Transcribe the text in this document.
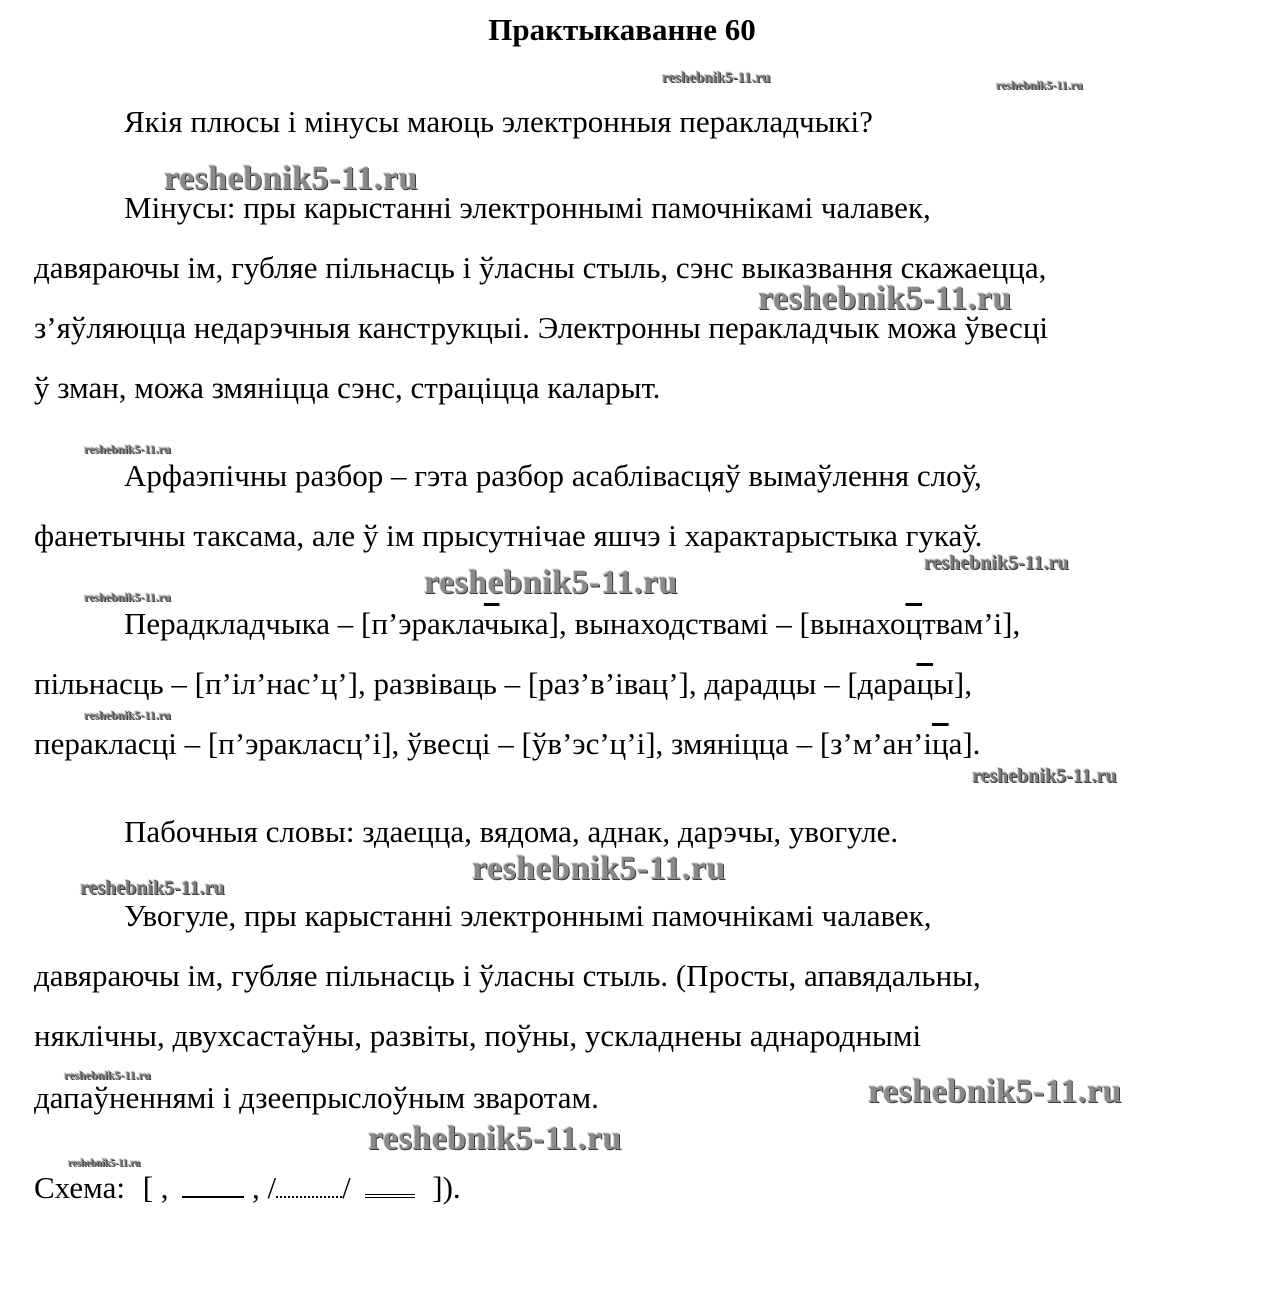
Практыкаванне 60
reshebnik5-11.ru	reshebnik5-11.ru
reshebnik5-11.ru
reshebnik5-11.ru
reshebnik5-11.ru
reshebnik5-11.ru
reshebnik5-11.ru
reshebnik5-11.ru
reshebnik5-11.ru
reshebnik5-11.ru
reshebnik5-11.ru
reshebnik5-11.ru
reshebnik5-11.ru	reshebnik5-11.ru
reshebnik5-11.ru
reshebnik5-11.ru
Якія плюсы і мінусы маюць электронныя перакладчыкі?
Мінусы: пры карыстанні электроннымі памочнікамі чалавек,
давяраючы ім, губляе пільнасць і ўласны стыль, сэнс выказвання скажаецца,
з’яўляюцца недарэчныя канструкцыі. Электронны перакладчык можа ўвесці
ў зман, можа змяніцца сэнс, страціцца каларыт.
Арфаэпічны разбор – гэта разбор асаблівасцяў вымаўлення слоў,
фанетычны таксама, але ў ім прысутнічае яшчэ і характарыстыка гукаў.
Перадкладчыка – [п’эраклачыка], вынаходствамі – [вынахоцтвам’і],
пільнасць – [п’іл’нас’ц’], развіваць – [раз’в’івац’], дарадцы – [дарацы],
перакласці – [п’эракласц’і], ўвесці – [ўв’эс’ц’і], змяніцца – [з’м’ан’іца].
Пабочныя словы: здаецца, вядома, аднак, дарэчы, увогуле.
Увогуле, пры карыстанні электроннымі памочнікамі чалавек,
давяраючы ім, губляе пільнасць і ўласны стыль. (Просты, апавядальны,
няклічны, двухсастаўны, развіты, поўны, ускладнены аднароднымі
дапаўненнямі і дзеепрыслоўным зваротам.
Схема: [ ,	, / /	]).
